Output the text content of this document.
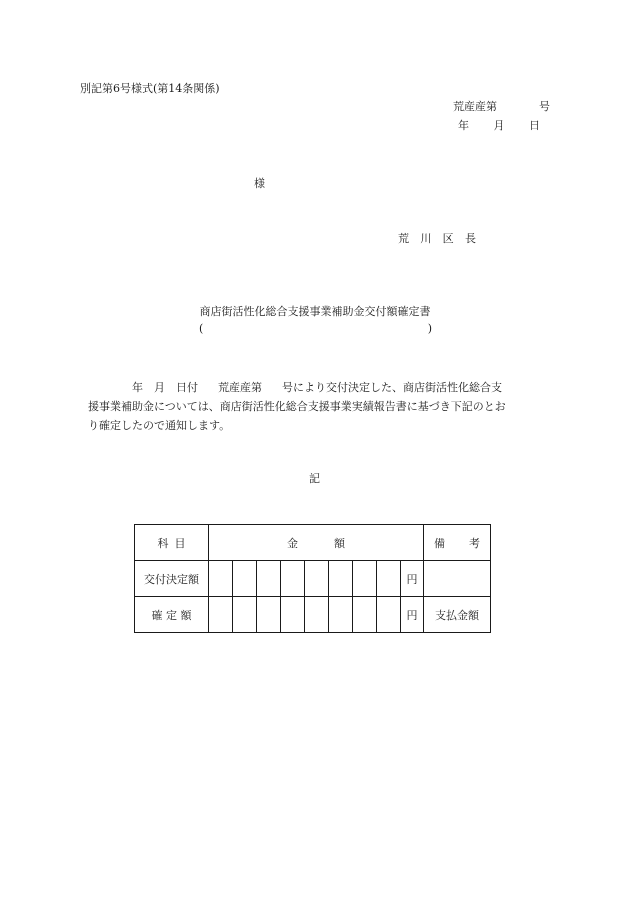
別記第6号様式(第14条関係)
荒産産第	号
年 月 日
様
荒 川 区 長
商店街活性化総合支援事業補助金交付額確定書
(	)

年 月 日付 荒産産第 号により交付決定した、商店街活性化総合支

援事業補助金については、商店街活性化総合支援事業実績報告書に基づき下記のとお

り確定したので通知します。

記
科 目	金 額									備 考

交付決定額									円	
確 定 額									円	支払金額
